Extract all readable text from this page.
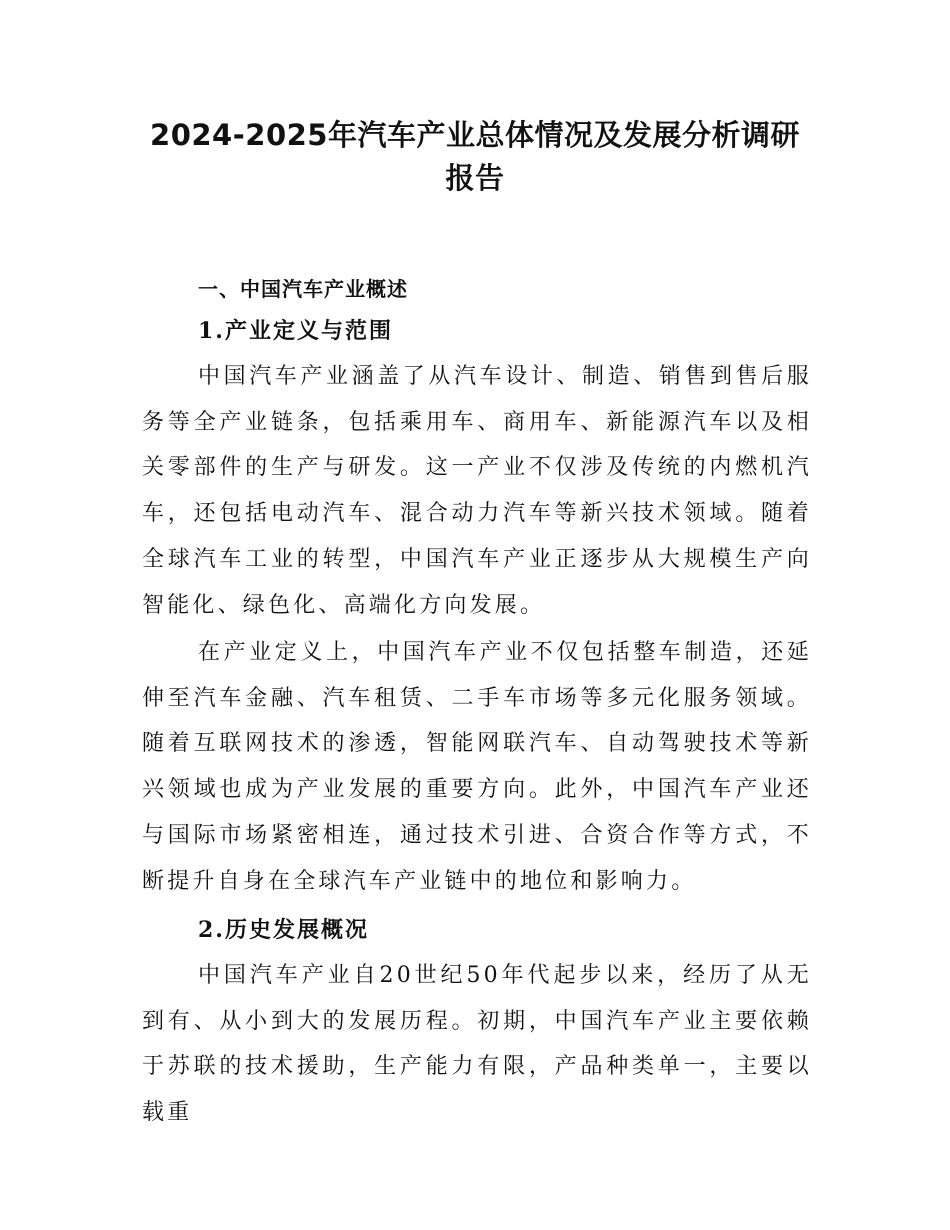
2024-2025年汽车产业总体情况及发展分析调研
报告
一、中国汽车产业概述
1.产业定义与范围

中国汽车产业涵盖了从汽车设计、制造、销售到售后服务等全产业链条，包括乘用车、商用车、新能源汽车以及相关零部件的生产与研发。这一产业不仅涉及传统的内燃机汽车，还包括电动汽车、混合动力汽车等新兴技术领域。随着全球汽车工业的转型，中国汽车产业正逐步从大规模生产向智能化、绿色化、高端化方向发展。

在产业定义上，中国汽车产业不仅包括整车制造，还延伸至汽车金融、汽车租赁、二手车市场等多元化服务领域。随着互联网技术的渗透，智能网联汽车、自动驾驶技术等新兴领域也成为产业发展的重要方向。此外，中国汽车产业还与国际市场紧密相连，通过技术引进、合资合作等方式，不断提升自身在全球汽车产业链中的地位和影响力。

2.历史发展概况

中国汽车产业自20世纪50年代起步以来，经历了从无到有、从小到大的发展历程。初期，中国汽车产业主要依赖于苏联的技术援助，生产能力有限，产品种类单一，主要以载重
